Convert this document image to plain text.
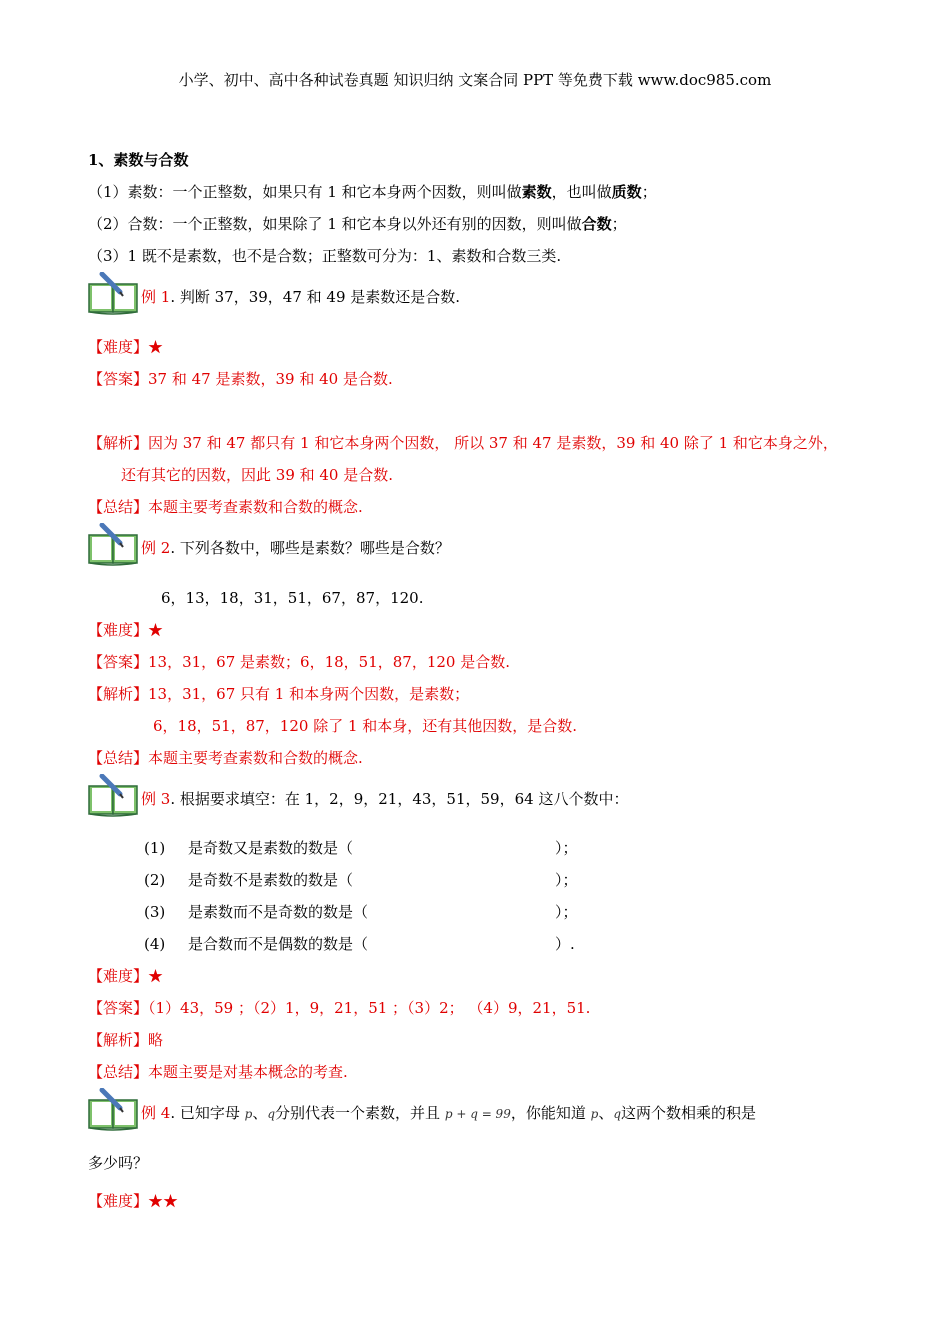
小学、初中、高中各种试卷真题 知识归纳 文案合同 PPT 等免费下载 www.doc985.com
1、素数与合数
（1）素数：一个正整数，如果只有 1 和它本身两个因数，则叫做素数，也叫做质数；
（2）合数：一个正整数，如果除了 1 和它本身以外还有别的因数，则叫做合数；
（3）1 既不是素数，也不是合数；正整数可分为：1、素数和合数三类.
例 1. 判断 37，39，47 和 49 是素数还是合数.
【难度】★
【答案】37 和 47 是素数，39 和 40 是合数.
【解析】因为 37 和 47 都只有 1 和它本身两个因数， 所以 37 和 47 是素数，39 和 40 除了 1 和它本身之外，
还有其它的因数，因此 39 和 40 是合数.
【总结】本题主要考查素数和合数的概念.
例 2. 下列各数中，哪些是素数？哪些是合数？
6，13，18，31，51，67，87，120.
【难度】★
【答案】13，31，67 是素数；6，18，51，87，120 是合数.
【解析】13，31，67 只有 1 和本身两个因数，是素数；
6，18，51，87，120 除了 1 和本身，还有其他因数，是合数.
【总结】本题主要考查素数和合数的概念.
例 3. 根据要求填空：在 1，2，9，21，43，51，59，64 这八个数中：
(1) 是奇数又是素数的数是（	）；
(2) 是奇数不是素数的数是（	）；
(3) 是素数而不是奇数的数是（	）；
(4) 是合数而不是偶数的数是（	）.
【难度】★
【答案】（1）43，59 ；（2）1，9，21，51 ；（3）2； （4）9，21，51.
【解析】略
【总结】本题主要是对基本概念的考查.
例 4. 已知字母 p、q分别代表一个素数，并且 p + q = 99，你能知道 p、q这两个数相乘的积是
多少吗？
【难度】★★
